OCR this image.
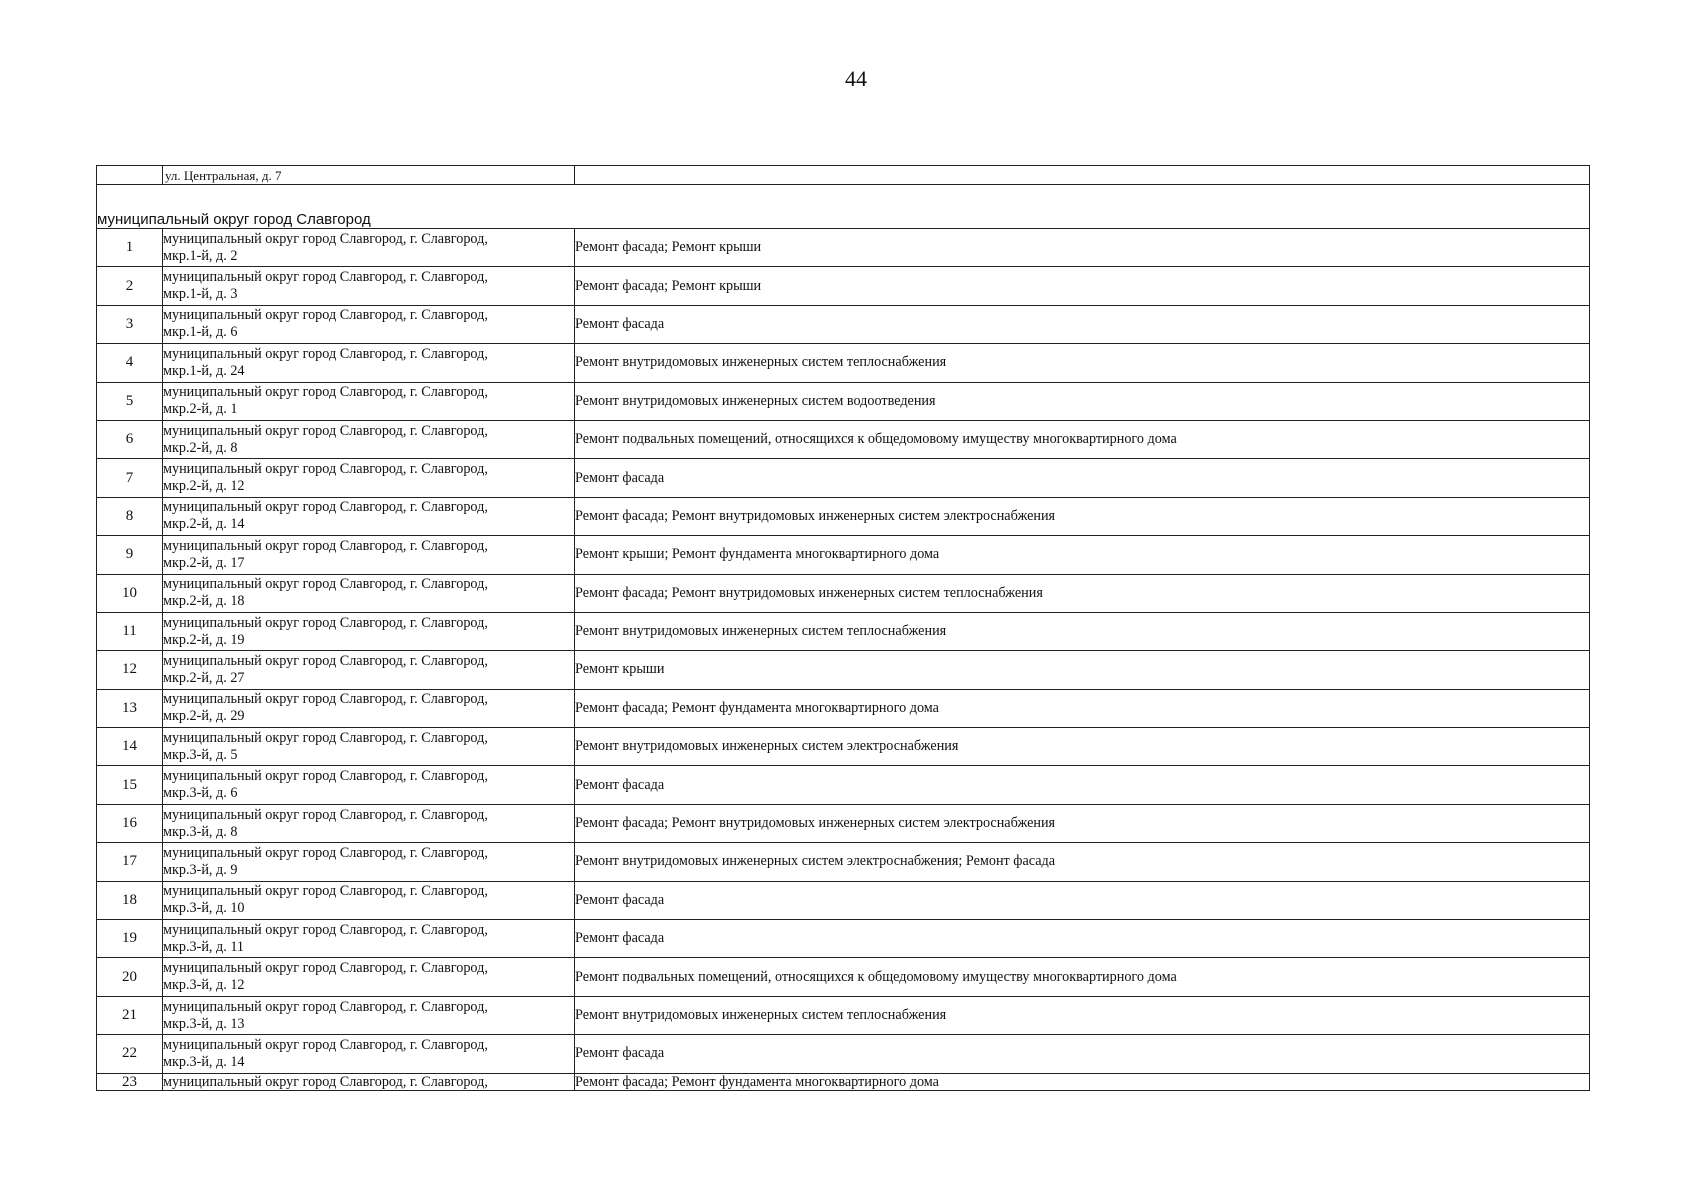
44
	ул. Центральная, д. 7	
муниципальный округ город Славгород		
1	муниципальный округ город Славгород, г. Славгород,
мкр.1-й, д. 2	Ремонт фасада; Ремонт крыши
2	муниципальный округ город Славгород, г. Славгород,
мкр.1-й, д. 3	Ремонт фасада; Ремонт крыши
3	муниципальный округ город Славгород, г. Славгород,
мкр.1-й, д. 6	Ремонт фасада
4	муниципальный округ город Славгород, г. Славгород,
мкр.1-й, д. 24	Ремонт внутридомовых инженерных систем теплоснабжения
5	муниципальный округ город Славгород, г. Славгород,
мкр.2-й, д. 1	Ремонт внутридомовых инженерных систем водоотведения
6	муниципальный округ город Славгород, г. Славгород,
мкр.2-й, д. 8	Ремонт подвальных помещений, относящихся к общедомовому имуществу многоквартирного дома
7	муниципальный округ город Славгород, г. Славгород,
мкр.2-й, д. 12	Ремонт фасада
8	муниципальный округ город Славгород, г. Славгород,
мкр.2-й, д. 14	Ремонт фасада; Ремонт внутридомовых инженерных систем электроснабжения
9	муниципальный округ город Славгород, г. Славгород,
мкр.2-й, д. 17	Ремонт крыши; Ремонт фундамента многоквартирного дома
10	муниципальный округ город Славгород, г. Славгород,
мкр.2-й, д. 18	Ремонт фасада; Ремонт внутридомовых инженерных систем теплоснабжения
11	муниципальный округ город Славгород, г. Славгород,
мкр.2-й, д. 19	Ремонт внутридомовых инженерных систем теплоснабжения
12	муниципальный округ город Славгород, г. Славгород,
мкр.2-й, д. 27	Ремонт крыши
13	муниципальный округ город Славгород, г. Славгород,
мкр.2-й, д. 29	Ремонт фасада; Ремонт фундамента многоквартирного дома
14	муниципальный округ город Славгород, г. Славгород,
мкр.3-й, д. 5	Ремонт внутридомовых инженерных систем электроснабжения
15	муниципальный округ город Славгород, г. Славгород,
мкр.3-й, д. 6	Ремонт фасада
16	муниципальный округ город Славгород, г. Славгород,
мкр.3-й, д. 8	Ремонт фасада; Ремонт внутридомовых инженерных систем электроснабжения
17	муниципальный округ город Славгород, г. Славгород,
мкр.3-й, д. 9	Ремонт внутридомовых инженерных систем электроснабжения; Ремонт фасада
18	муниципальный округ город Славгород, г. Славгород,
мкр.3-й, д. 10	Ремонт фасада
19	муниципальный округ город Славгород, г. Славгород,
мкр.3-й, д. 11	Ремонт фасада
20	муниципальный округ город Славгород, г. Славгород,
мкр.3-й, д. 12	Ремонт подвальных помещений, относящихся к общедомовому имуществу многоквартирного дома
21	муниципальный округ город Славгород, г. Славгород,
мкр.3-й, д. 13	Ремонт внутридомовых инженерных систем теплоснабжения
22	муниципальный округ город Славгород, г. Славгород,
мкр.3-й, д. 14	Ремонт фасада
23	муниципальный округ город Славгород, г. Славгород,	Ремонт фасада; Ремонт фундамента многоквартирного дома
